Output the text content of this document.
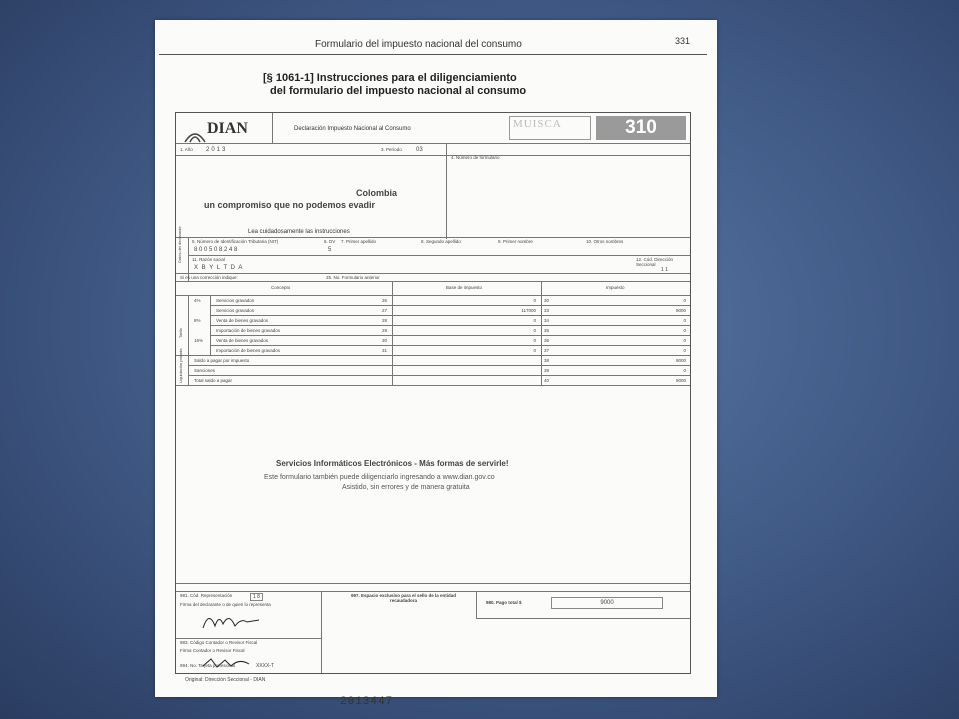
Formulario del impuesto nacional del consumo	331
[§ 1061-1] Instrucciones para el diligenciamiento
del formulario del impuesto nacional al consumo
DIAN	Declaración Impuesto Nacional al Consumo	MUISCA	310
1. Año 2013	3. Período 03
4. Número de formulario
Colombia
un compromiso que no podemos evadir
Lea cuidadosamente las instrucciones
Datos del declarante 5. Número de Identificación Tributaria (NIT)
8 0 0 5 0 8 2 4 8
6. DV
5
7. Primer apellido	8. Segundo apellido	9. Primer nombre	10. Otros nombres
11. Razón social
X B Y L T D A
12. Cód. Dirección Seccional
1 1
Si es una corrección indique:	25. No. Formulario anterior
Concepto	Base de impuesto	Impuesto
Tarifa
Liquidación privada
Servicios Informáticos Electrónicos - Más formas de servirle!
Este formulario también puede diligenciarlo ingresando a www.dian.gov.co
Asistido, sin errores y de manera gratuita
981. Cód. Representación	1 8
Firma del declarante o de quien lo representa
997. Espacio exclusivo para el sello de la entidad recaudadora	980. Pago total $	9000
983. Código Contador o Revisor Fiscal
Firma Contador o Revisor Fiscal
994. No. Tarjeta profesional	XXXX-T
4%	Servicios gravados	26	0 30	0
Servicios gravados	27	117000 33	9000
8%	Venta de bienes gravados	28	0 34	0
Importación de bienes gravados	29	0 35	0
16%	Venta de bienes gravados	30	0 36	0
Importación de bienes gravados	31	0 37	0
Saldo a pagar por impuesto	38	9000
Sanciones	39	0
Total saldo a pagar	40	9000
Original: Dirección Seccional - DIAN
2013447
